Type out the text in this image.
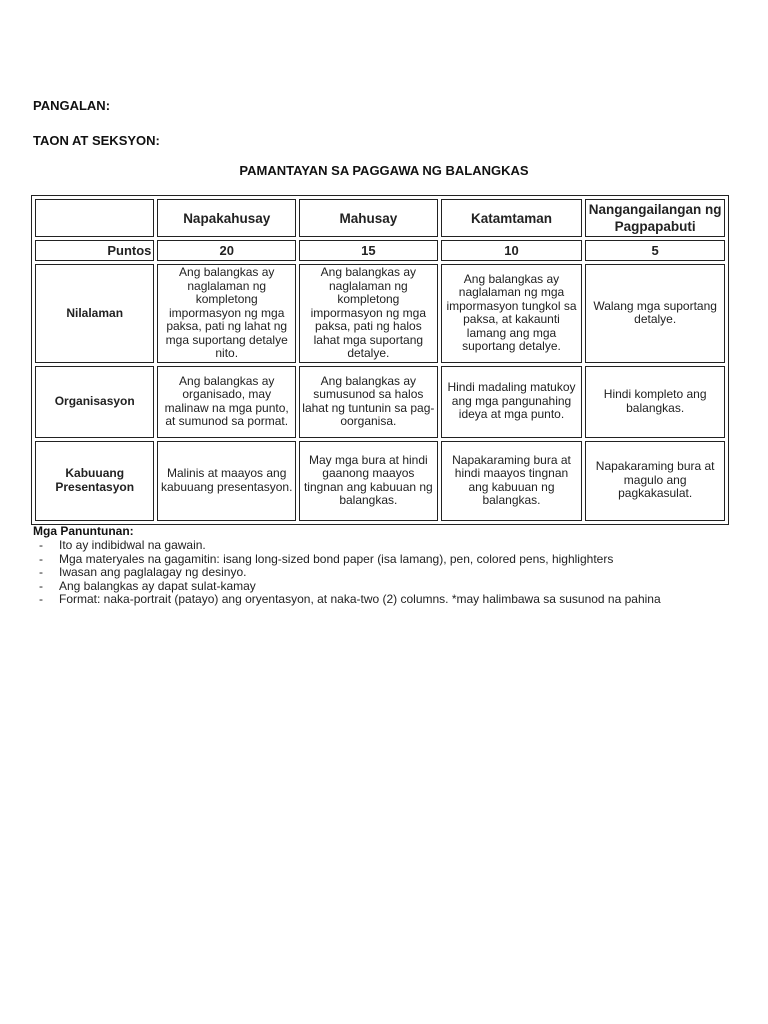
PANGALAN:
TAON AT SEKSYON:
PAMANTAYAN SA PAGGAWA NG BALANGKAS
	Napakahusay	Mahusay	Katamtaman	Nangangailangan ng Pagpapabuti
Puntos	20	15	10	5
Nilalaman	Ang balangkas ay naglalaman ng kompletong impormasyon ng mga paksa, pati ng lahat ng mga suportang detalye nito.	Ang balangkas ay naglalaman ng kompletong impormasyon ng mga paksa, pati ng halos lahat mga suportang detalye.	Ang balangkas ay naglalaman ng mga impormasyon tungkol sa paksa, at kakaunti lamang ang mga suportang detalye.	Walang mga suportang detalye.
Organisasyon	Ang balangkas ay organisado, may malinaw na mga punto, at sumunod sa pormat.	Ang balangkas ay sumusunod sa halos lahat ng tuntunin sa pag-oorganisa.	Hindi madaling matukoy ang mga pangunahing ideya at mga punto.	Hindi kompleto ang balangkas.
Kabuuang Presentasyon	Malinis at maayos ang kabuuang presentasyon.	May mga bura at hindi gaanong maayos tingnan ang kabuuan ng balangkas.	Napakaraming bura at hindi maayos tingnan ang kabuuan ng balangkas.	Napakaraming bura at magulo ang pagkakasulat.
Mga Panuntunan:
- Ito ay indibidwal na gawain.
- Mga materyales na gagamitin: isang long-sized bond paper (isa lamang), pen, colored pens, highlighters
- Iwasan ang paglalagay ng desinyo.
- Ang balangkas ay dapat sulat-kamay
- Format: naka-portrait (patayo) ang oryentasyon, at naka-two (2) columns. *may halimbawa sa susunod na pahina
